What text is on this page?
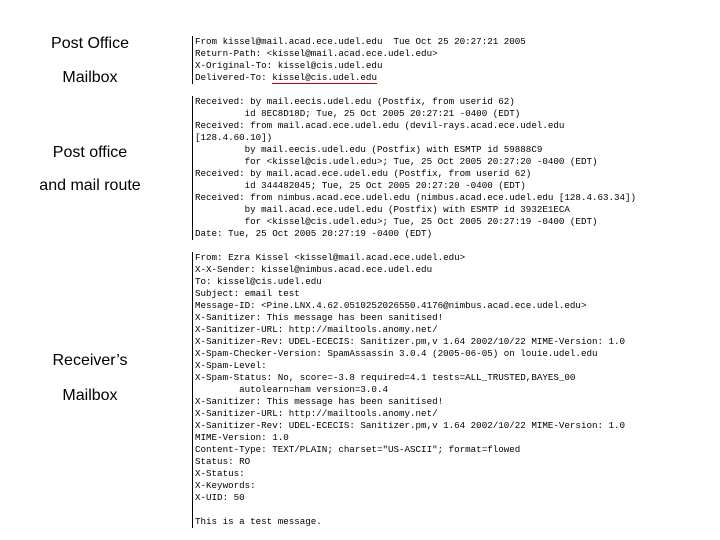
Post Office
Mailbox
Post office
and mail route
Receiver’s
Mailbox
From kissel@mail.acad.ece.udel.edu  Tue Oct 25 20:27:21 2005
Return-Path: <kissel@mail.acad.ece.udel.edu>
X-Original-To: kissel@cis.udel.edu
Delivered-To: kissel@cis.udel.edu
Received: by mail.eecis.udel.edu (Postfix, from userid 62)
id 8EC8D18D; Tue, 25 Oct 2005 20:27:21 -0400 (EDT)
Received: from mail.acad.ece.udel.edu (devil-rays.acad.ece.udel.edu
[128.4.60.10])
by mail.eecis.udel.edu (Postfix) with ESMTP id 59888C9
for <kissel@cis.udel.edu>; Tue, 25 Oct 2005 20:27:20 -0400 (EDT)
Received: by mail.acad.ece.udel.edu (Postfix, from userid 62)
id 344482045; Tue, 25 Oct 2005 20:27:20 -0400 (EDT)
Received: from nimbus.acad.ece.udel.edu (nimbus.acad.ece.udel.edu [128.4.63.34])
by mail.acad.ece.udel.edu (Postfix) with ESMTP id 3932E1ECA
for <kissel@cis.udel.edu>; Tue, 25 Oct 2005 20:27:19 -0400 (EDT)
Date: Tue, 25 Oct 2005 20:27:19 -0400 (EDT)
From: Ezra Kissel <kissel@mail.acad.ece.udel.edu>
X-X-Sender: kissel@nimbus.acad.ece.udel.edu
To: kissel@cis.udel.edu
Subject: email test
Message-ID: <Pine.LNX.4.62.0510252026550.4176@nimbus.acad.ece.udel.edu>
X-Sanitizer: This message has been sanitised!
X-Sanitizer-URL: http://mailtools.anomy.net/
X-Sanitizer-Rev: UDEL-ECECIS: Sanitizer.pm,v 1.64 2002/10/22 MIME-Version: 1.0
X-Spam-Checker-Version: SpamAssassin 3.0.4 (2005-06-05) on louie.udel.edu
X-Spam-Level:
X-Spam-Status: No, score=-3.8 required=4.1 tests=ALL_TRUSTED,BAYES_00
autolearn=ham version=3.0.4
X-Sanitizer: This message has been sanitised!
X-Sanitizer-URL: http://mailtools.anomy.net/
X-Sanitizer-Rev: UDEL-ECECIS: Sanitizer.pm,v 1.64 2002/10/22 MIME-Version: 1.0
MIME-Version: 1.0
Content-Type: TEXT/PLAIN; charset="US-ASCII"; format=flowed
Status: RO
X-Status:
X-Keywords:
X-UID: 50
This is a test message.
